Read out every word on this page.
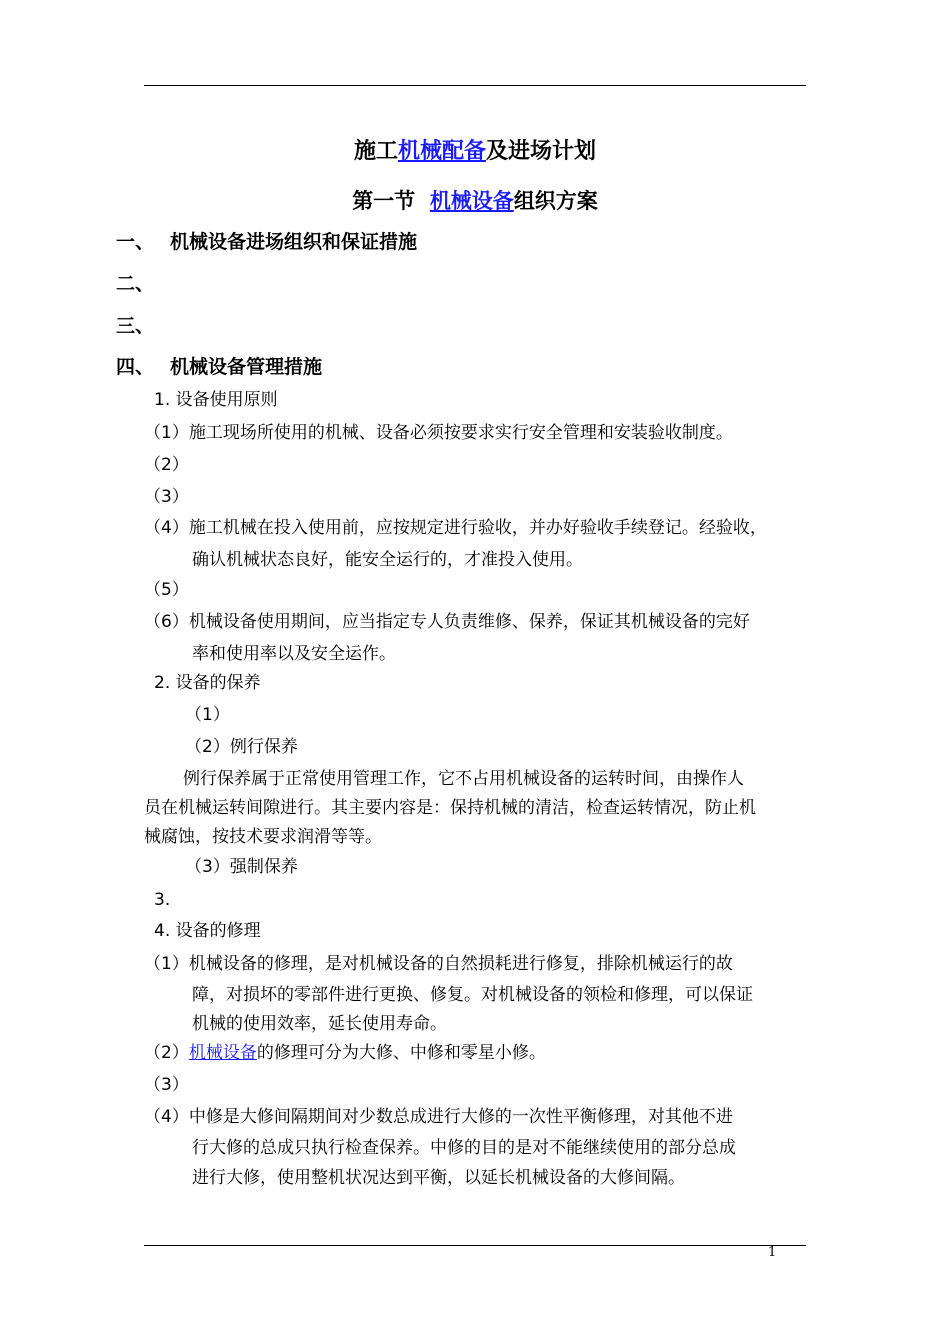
施工机械配备及进场计划
第一节  机械设备组织方案
一、 机械设备进场组织和保证措施
二、
三、
四、 机械设备管理措施
1. 设备使用原则
（1）施工现场所使用的机械、设备必须按要求实行安全管理和安装验收制度。
（2）
（3）
（4）施工机械在投入使用前，应按规定进行验收，并办好验收手续登记。经验收，
确认机械状态良好，能安全运行的，才准投入使用。
（5）
（6）机械设备使用期间，应当指定专人负责维修、保养，保证其机械设备的完好
率和使用率以及安全运作。
2. 设备的保养
（1）
（2）例行保养
例行保养属于正常使用管理工作，它不占用机械设备的运转时间，由操作人
员在机械运转间隙进行。其主要内容是：保持机械的清洁，检查运转情况，防止机
械腐蚀，按技术要求润滑等等。
（3）强制保养
3.
4. 设备的修理
（1）机械设备的修理，是对机械设备的自然损耗进行修复，排除机械运行的故
障，对损坏的零部件进行更换、修复。对机械设备的领检和修理，可以保证
机械的使用效率，延长使用寿命。
（2）机械设备的修理可分为大修、中修和零星小修。
（3）
（4）中修是大修间隔期间对少数总成进行大修的一次性平衡修理，对其他不进
行大修的总成只执行检查保养。中修的目的是对不能继续使用的部分总成
进行大修，使用整机状况达到平衡，以延长机械设备的大修间隔。
1
